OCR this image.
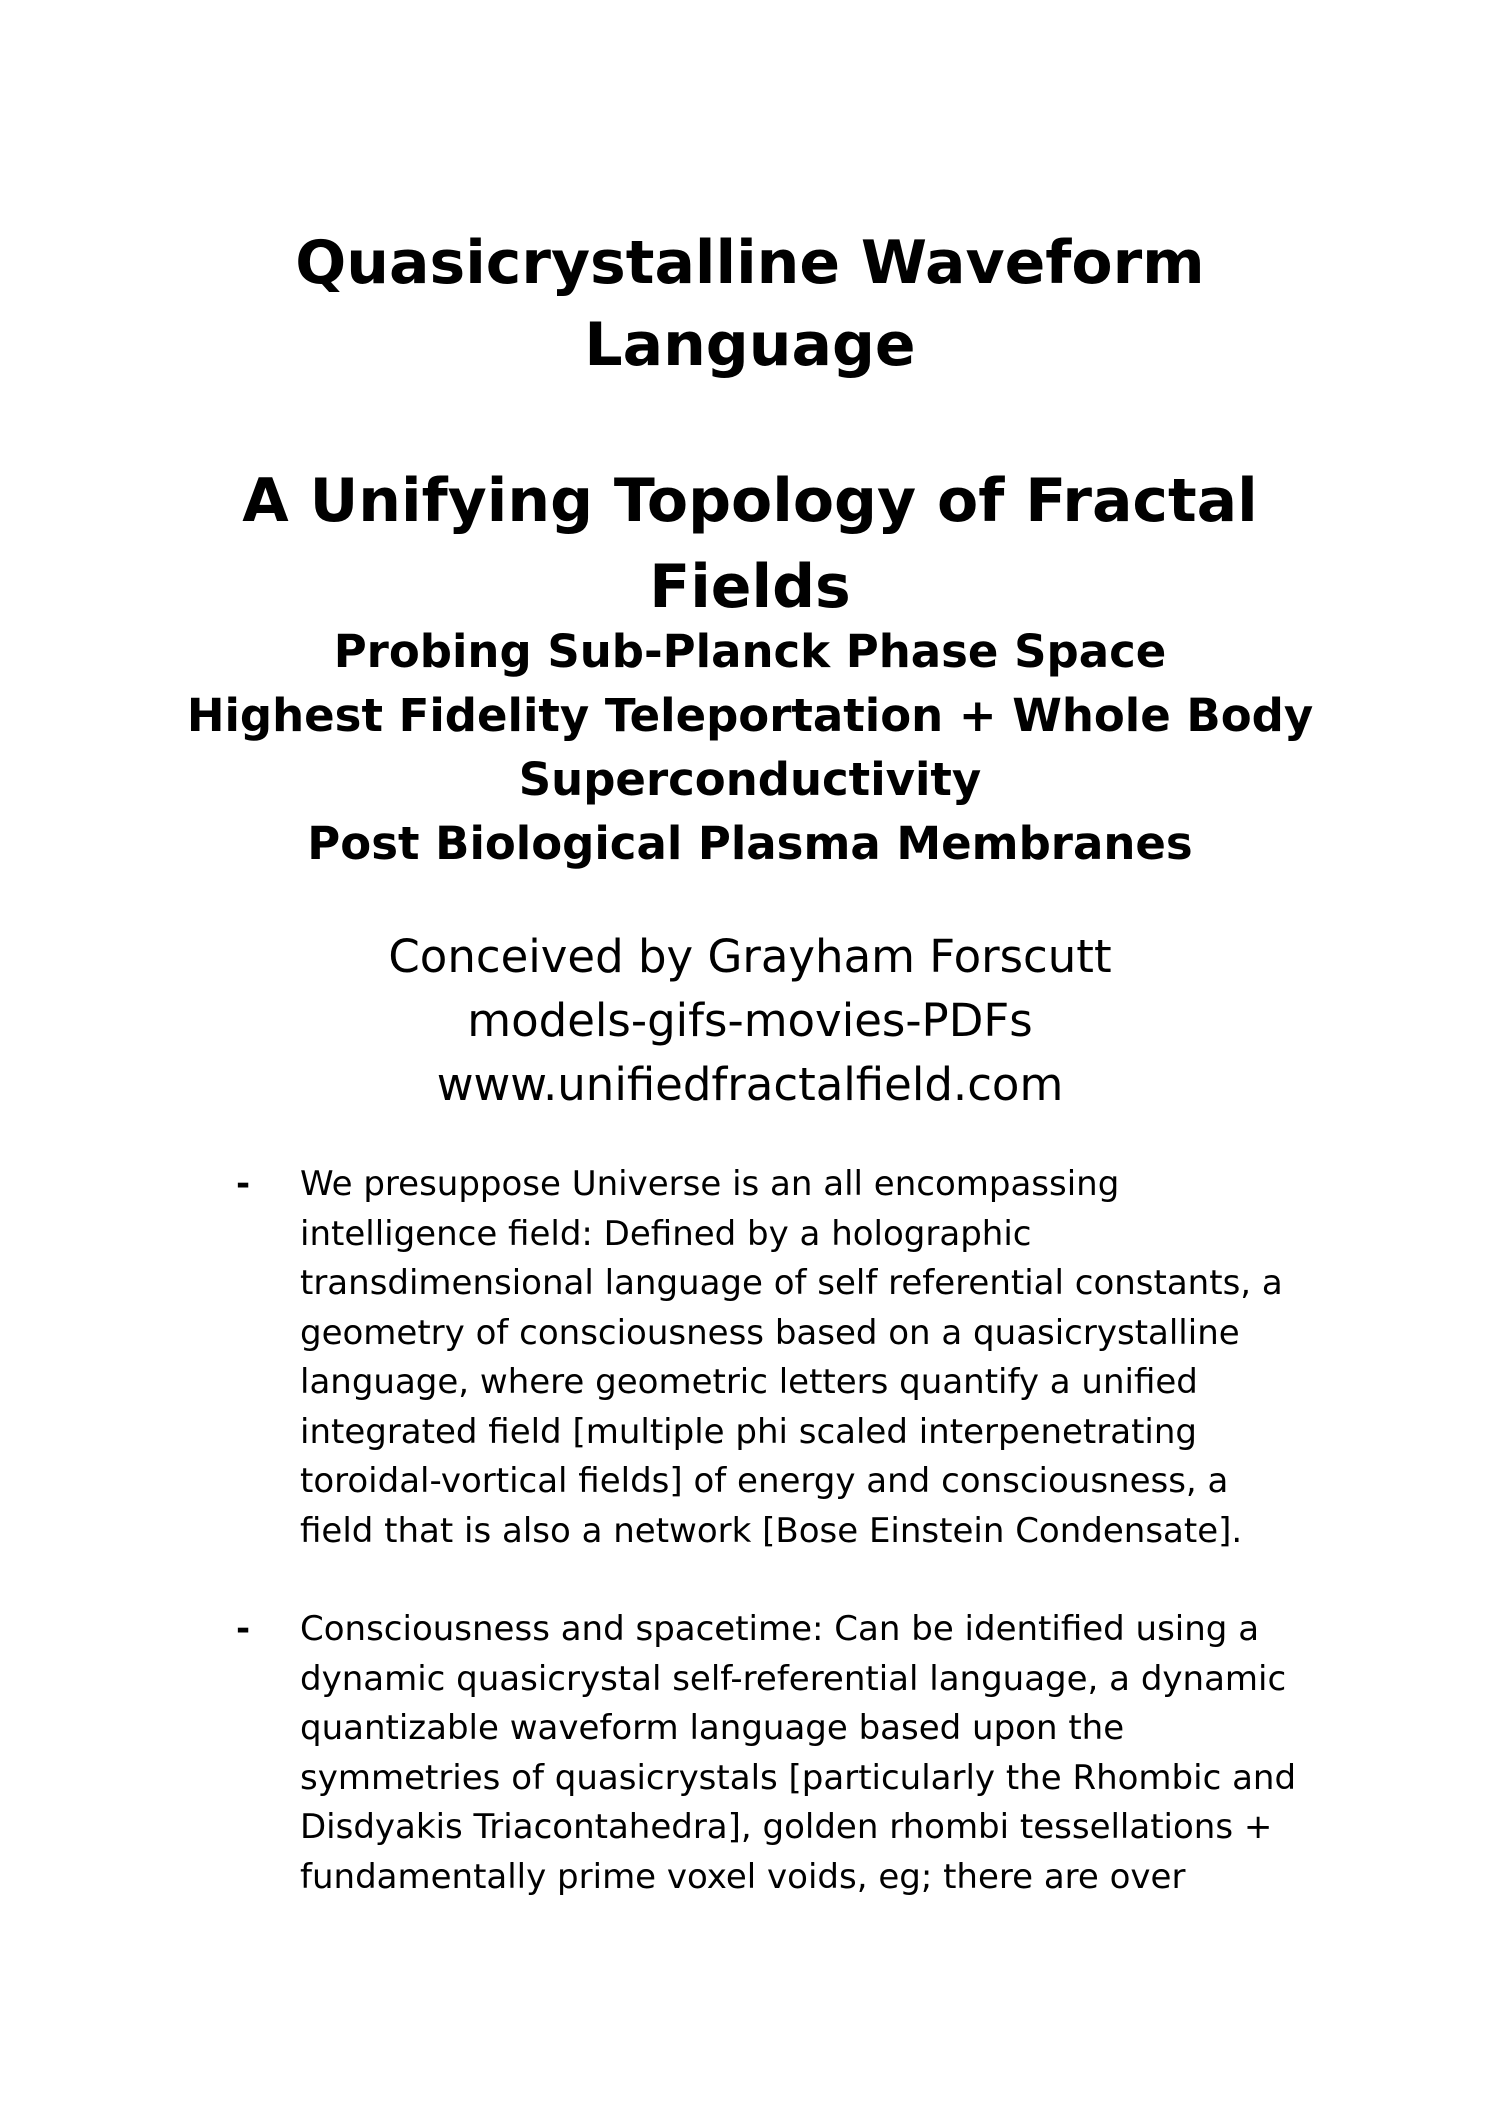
Quasicrystalline Waveform
Language
A Unifying Topology of Fractal
Fields
Probing Sub-Planck Phase Space
Highest Fidelity Teleportation + Whole Body
Superconductivity
Post Biological Plasma Membranes
Conceived by Grayham Forscutt
models-gifs-movies-PDFs
www.unifiedfractalfield.com
- We presuppose Universe is an all encompassing
intelligence field: Defined by a holographic
transdimensional language of self referential constants, a
geometry of consciousness based on a quasicrystalline
language, where geometric letters quantify a unified
integrated field [multiple phi scaled interpenetrating
toroidal-vortical fields] of energy and consciousness, a
field that is also a network [Bose Einstein Condensate].
- Consciousness and spacetime: Can be identified using a
dynamic quasicrystal self-referential language, a dynamic
quantizable waveform language based upon the
symmetries of quasicrystals [particularly the Rhombic and
Disdyakis Triacontahedra], golden rhombi tessellations +
fundamentally prime voxel voids, eg; there are over
